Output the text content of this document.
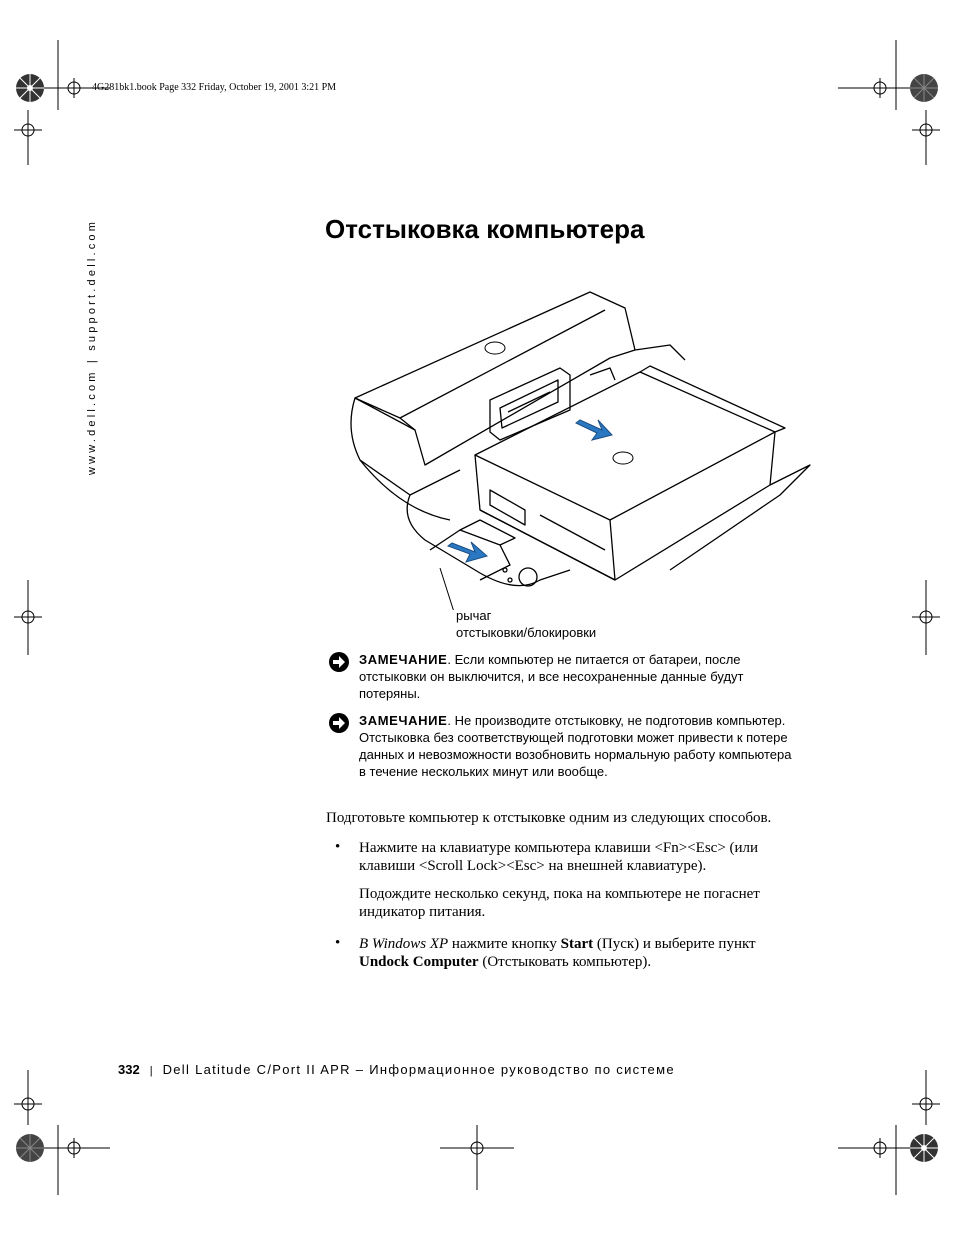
4G281bk1.book Page 332 Friday, October 19, 2001 3:21 PM
www.dell.com | support.dell.com	Отстыковка компьютера
рычаг
отстыковки/блокировки
ЗАМЕЧАНИЕ. Если компьютер не питается от батареи, после отстыковки он выключится, и все несохраненные данные будут потеряны.
ЗАМЕЧАНИЕ. Не производите отстыковку, не подготовив компьютер. Отстыковка без соответствующей подготовки может привести к потере данных и невозможности возобновить нормальную работу компьютера в течение нескольких минут или вообще.
Подготовьте компьютер к отстыковке одним из следующих способов.
• Нажмите на клавиатуре компьютера клавиши <Fn><Esc> (или клавиши <Scroll Lock><Esc> на внешней клавиатуре).
Подождите несколько секунд, пока на компьютере не погаснет индикатор питания.
• В Windows XP нажмите кнопку Start (Пуск) и выберите пункт Undock Computer (Отстыковать компьютер).
332 | Dell Latitude C/Port II APR – Информационное руководство по системе
